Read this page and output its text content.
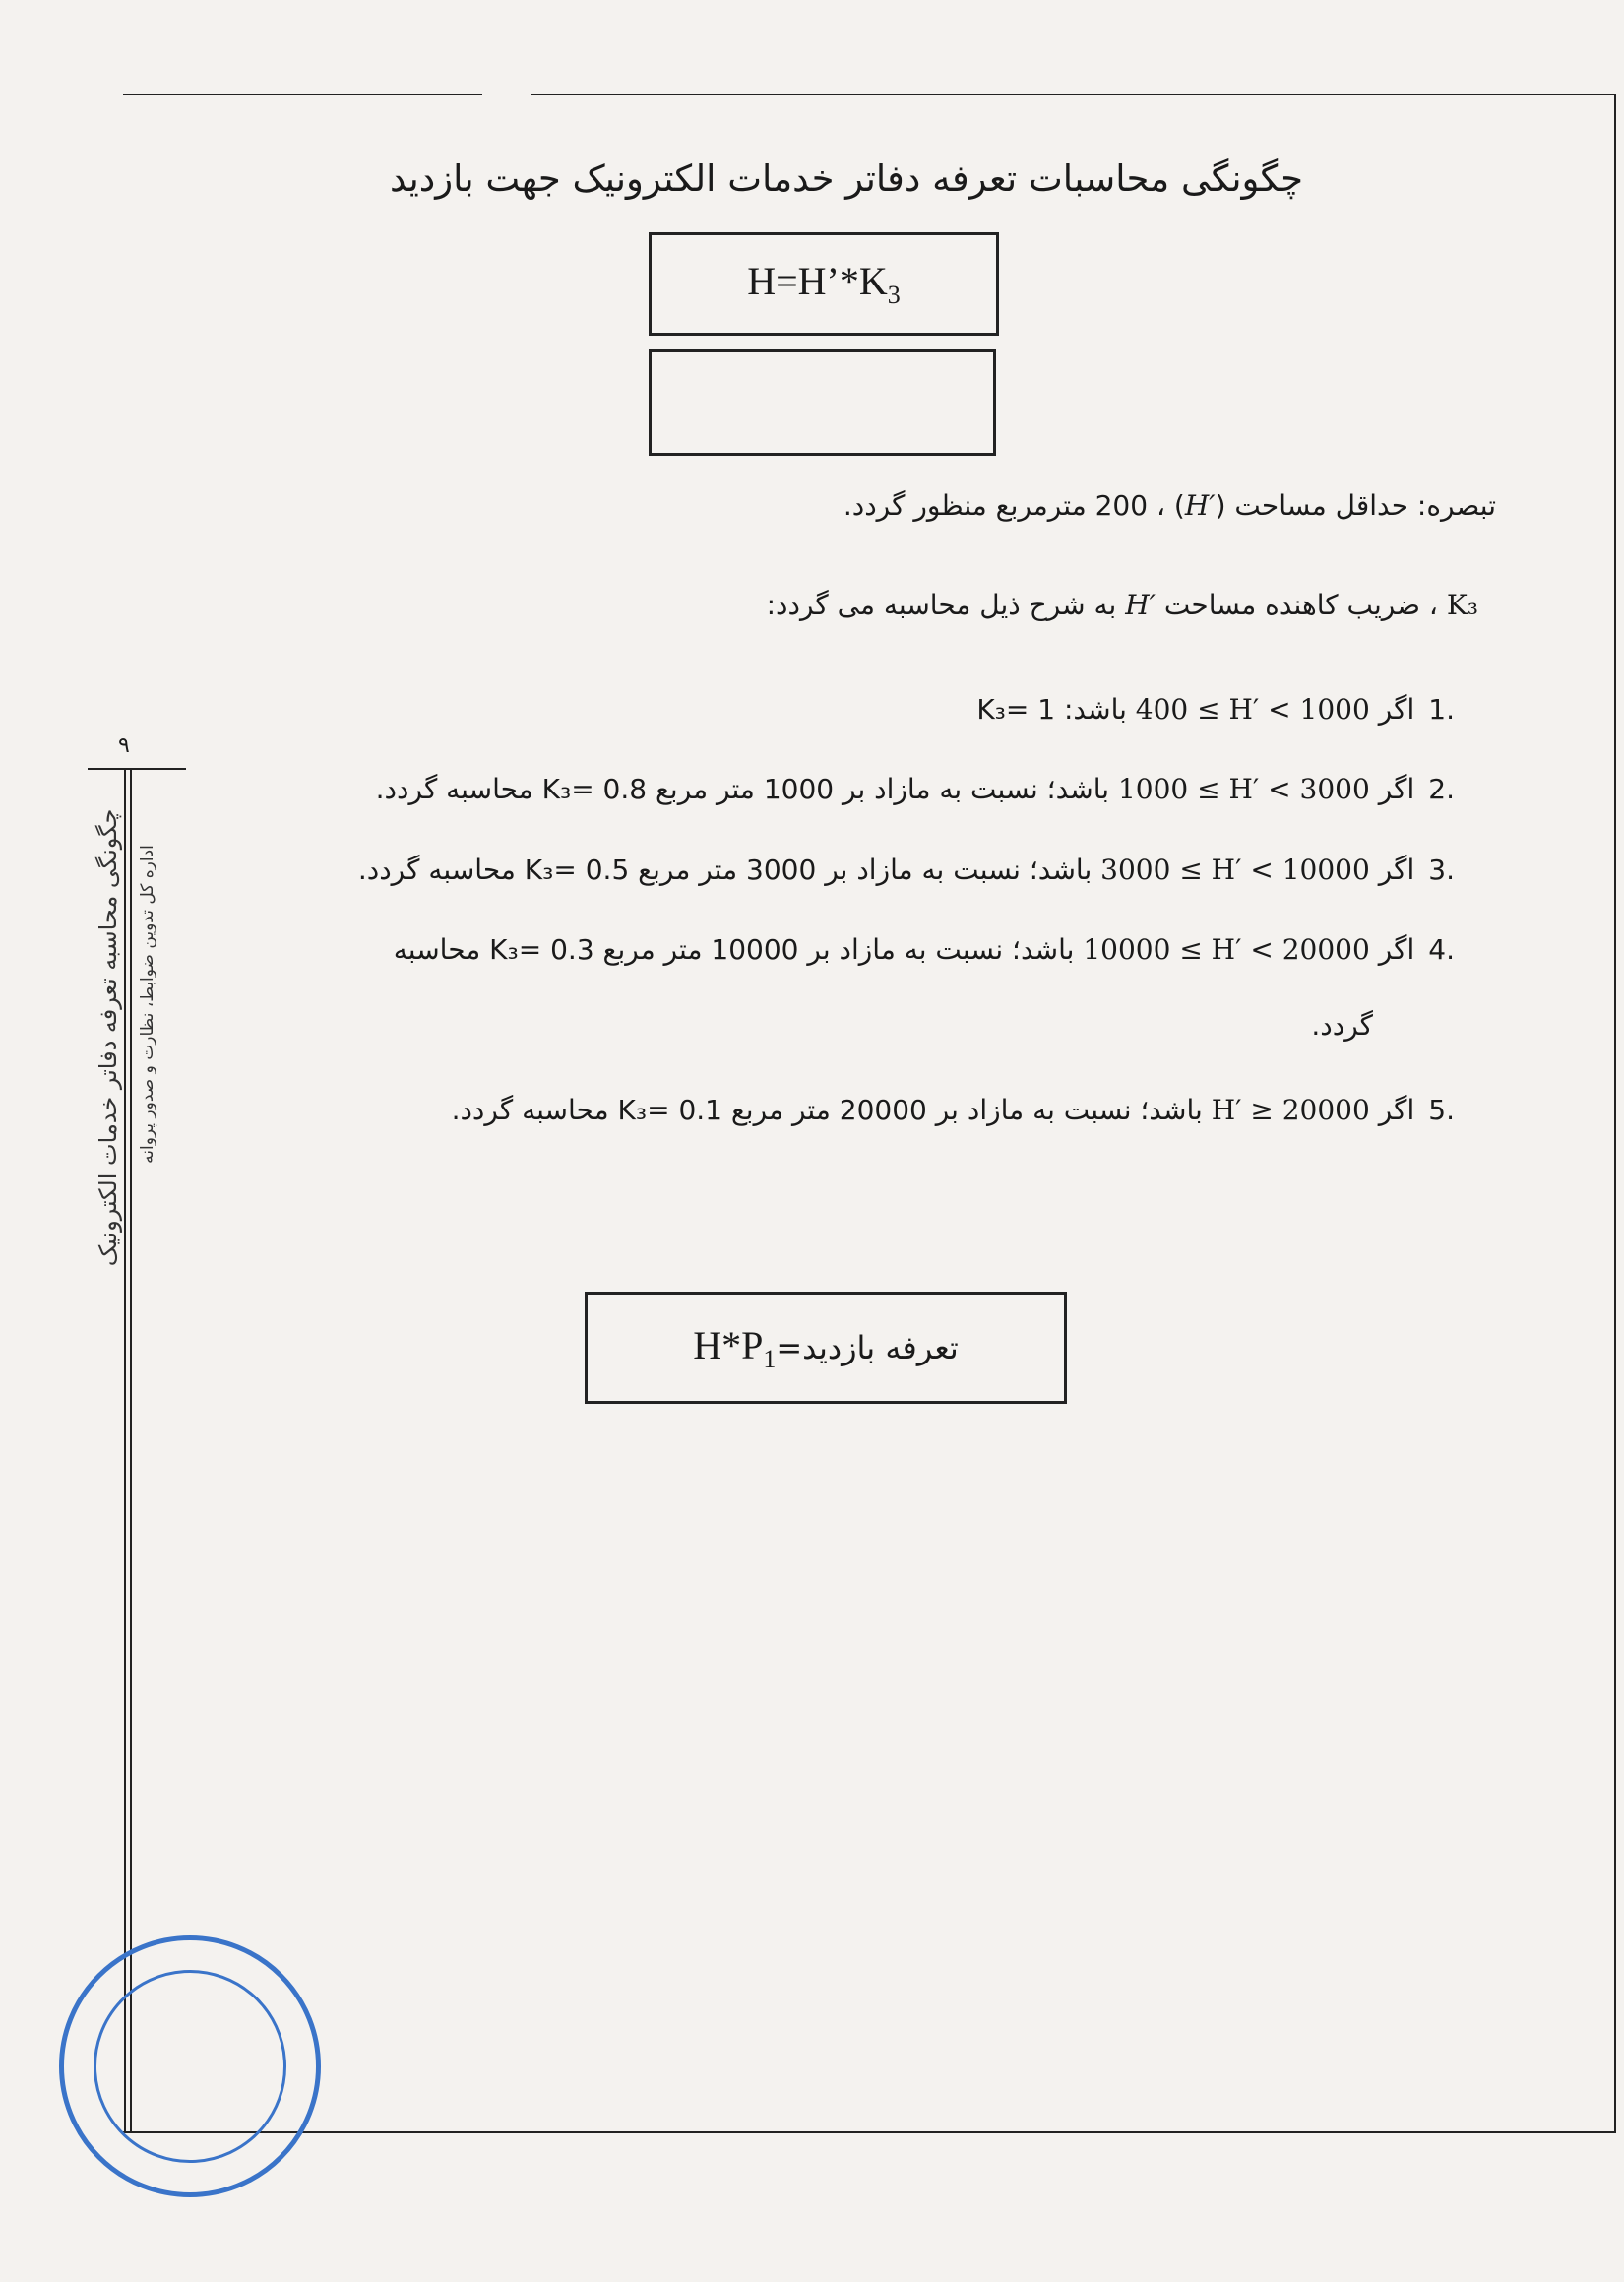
۹
چگونگی محاسبه تعرفه دفاتر خدمات الکترونیک اداره کل تدوین ضوابط، نظارت و صدور پروانه
چگونگی محاسبات تعرفه دفاتر خدمات الکترونیک جهت بازدید
$H=H’*K_3$
تبصره: حداقل مساحت (H′) ، 200 مترمربع منظور گردد.
K₃ ، ضریب کاهنده مساحت H′ به شرح ذیل محاسبه می گردد:
.1اگر 400 ≤ H′ < 1000 باشد: K₃= 1
.2اگر 1000 ≤ H′ < 3000 باشد؛ نسبت به مازاد بر 1000 متر مربع K₃= 0.8 محاسبه گردد.
.3اگر 3000 ≤ H′ < 10000 باشد؛ نسبت به مازاد بر 3000 متر مربع K₃= 0.5 محاسبه گردد.
.4اگر 10000 ≤ H′ < 20000 باشد؛ نسبت به مازاد بر 10000 متر مربع K₃= 0.3 محاسبه
گردد.
.5اگر H′ ≥ 20000 باشد؛ نسبت به مازاد بر 20000 متر مربع K₃= 0.1 محاسبه گردد.
تعرفه بازدید=
$H*P_1$
